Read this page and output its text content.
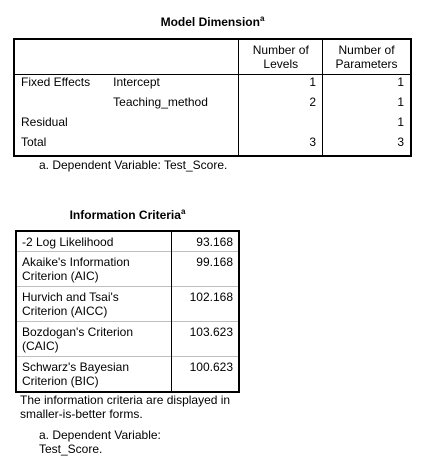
Model Dimension$^a$
		Number of Levels	Number of Parameters
Fixed Effects	Intercept	1	1
	Teaching_method	2	1
Residual			1
Total		3	3
a. Dependent Variable: Test_Score.
Information Criteria$^a$
-2 Log Likelihood	93.168
Akaike's Information Criterion (AIC)	99.168
Hurvich and Tsai's Criterion (AICC)	102.168
Bozdogan's Criterion (CAIC)	103.623
Schwarz's Bayesian Criterion (BIC)	100.623
The information criteria are displayed in smaller-is-better forms.
a. Dependent Variable: Test_Score.
